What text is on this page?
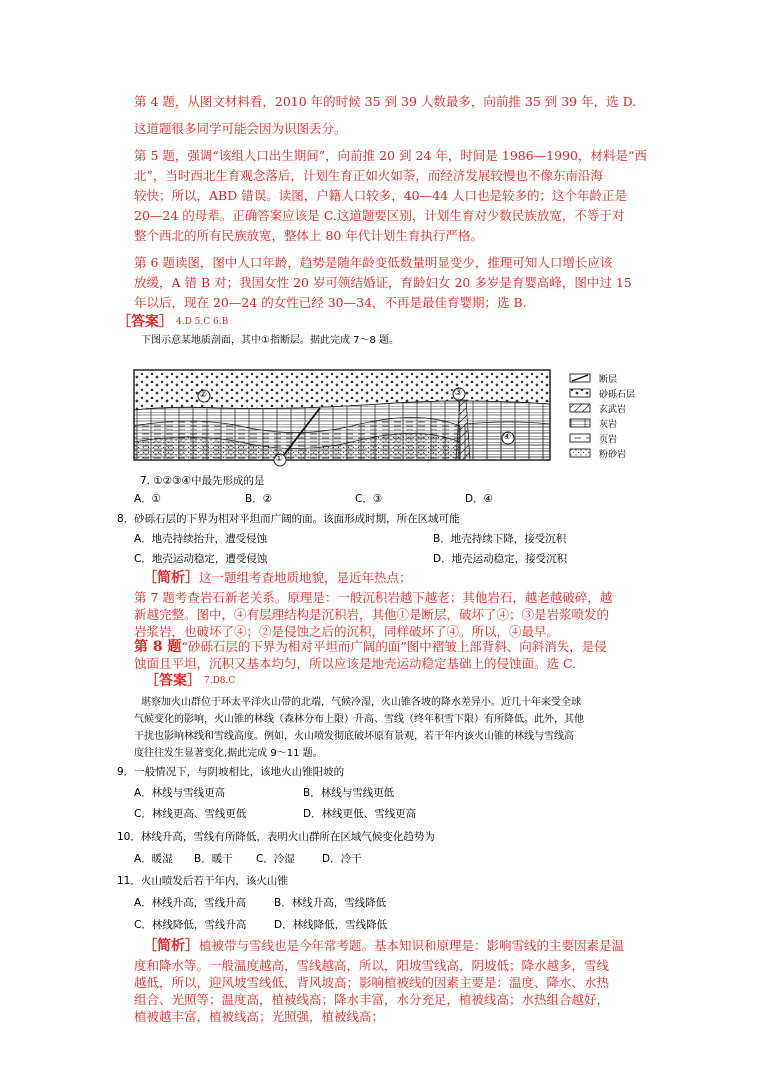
第 4 题，从图文材料看，2010 年的时候 35 到 39 人数最多，向前推 35 到 39 年，选 D.
这道题很多同学可能会因为识图丢分。
第 5 题，强调“该组人口出生期间”，向前推 20 到 24 年，时间是 1986—1990，材料是“西
北”，当时西北生育观念落后，计划生育正如火如荼，而经济发展较慢也不像东南沿海
较快；所以，ABD 错误。读图，户籍人口较多，40—44 人口也是较多的；这个年龄正是
20—24 的母辈。正确答案应该是 C.这道题要区别，计划生育对少数民族放宽，不等于对
整个西北的所有民族放宽，整体上 80 年代计划生育执行严格。
第 6 题读图，图中人口年龄，趋势是随年龄变低数量明显变少，推理可知人口增长应该
放缓，A 错 B 对；我国女性 20 岁可领结婚证，育龄妇女 20 多岁是育婴高峰，图中过 15
年以后，现在 20—24 的女性已经 30—34，不再是最佳育婴期；选 B.
［答案］ 4.D 5.C 6.B
下图示意某地质剖面，其中①指断层。据此完成 7～8 题。
断层
砂砾石层
玄武岩
灰岩
页岩
粉砂岩
②	③
④
①
7. ①②③④中最先形成的是
A．①	B．②	C．③	D．④
8．砂砾石层的下界为相对平坦而广阔的面。该面形成时期，所在区域可能
A．地壳持续抬升，遭受侵蚀	B．地壳持续下降，接受沉积
C．地壳运动稳定，遭受侵蚀	D．地壳运动稳定，接受沉积
［简析］这一题组考查地质地貌，是近年热点；
第 7 题考查岩石新老关系。原理是：一般沉积岩越下越老；其他岩石，越老越破碎，越
新越完整。图中，④有层理结构是沉积岩，其他①是断层，破坏了④；③是岩浆喷发的
岩浆岩，也破坏了④；②是侵蚀之后的沉积，同样破坏了④。所以，④最早。
第 8 题“砂砾石层的下界为相对平坦而广阔的面”图中褶皱上部背斜、向斜消失，是侵
蚀面且平坦，沉积又基本均匀，所以应该是地壳运动稳定基础上的侵蚀面。选 C.
［答案］ 7.D8.C
堪察加火山群位于环太平洋火山带的北端，气候冷湿，火山锥各坡的降水差异小。近几十年来受全球
气候变化的影响，火山锥的林线（森林分布上限）升高、雪线（终年积雪下限）有所降低。此外，其他
干扰也影响林线和雪线高度。例如，火山喷发彻底破坏原有景观，若干年内该火山锥的林线与雪线高
度往往发生显著变化,据此完成 9～11 题。
9．一般情况下，与阴坡相比，该地火山锥阳坡的
A．林线与雪线更高	B．林线与雪线更低
C．林线更高、雪线更低	D．林线更低、雪线更高
10．林线升高，雪线有所降低，表明火山群所在区域气候变化趋势为
A．暖湿 B．暖干 C．冷湿	D．冷干
11．火山喷发后若干年内，该火山锥
A．林线升高，雪线升高	B．林线升高，雪线降低
C．林线降低，雪线升高	D．林线降低，雪线降低
［简析］植被带与雪线也是今年常考题。基本知识和原理是：影响雪线的主要因素是温
度和降水等。一般温度越高，雪线越高，所以，阳坡雪线高，阴坡低；降水越多，雪线
越低，所以，迎风坡雪线低，背风坡高；影响植被线的因素主要是：温度、降水、水热
组合、光照等；温度高，植被线高；降水丰富，水分充足，植被线高；水热组合越好，
植被越丰富，植被线高；光照强，植被线高；
